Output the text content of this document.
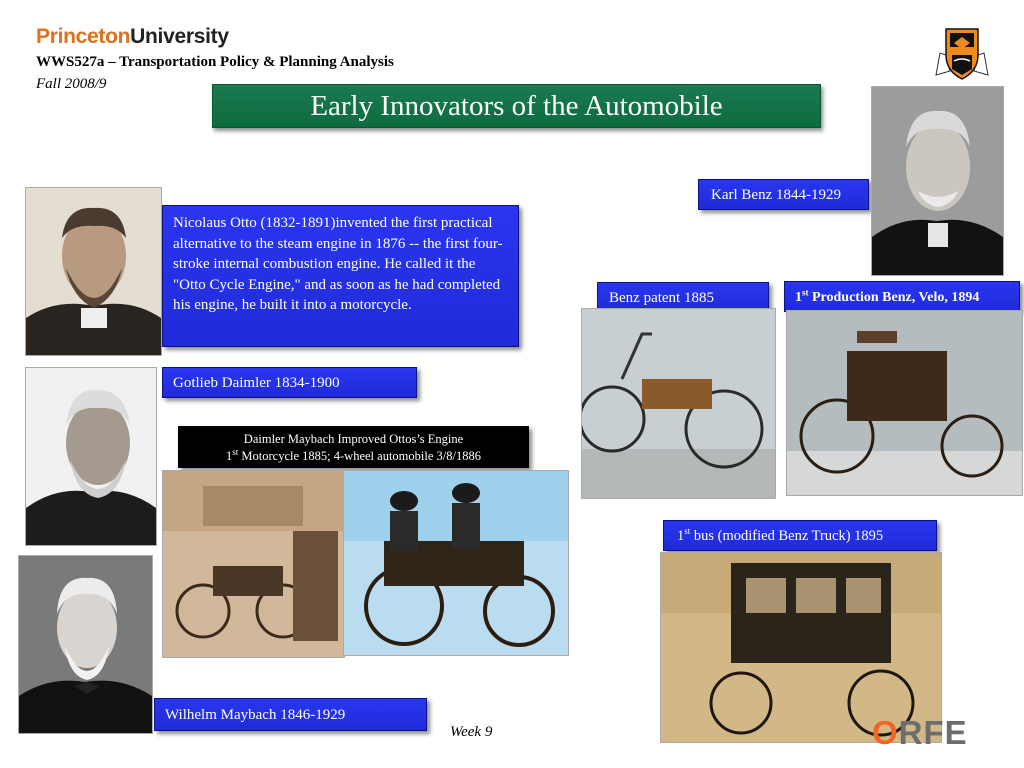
PrincetonUniversity
WWS527a – Transportation Policy & Planning Analysis
Fall 2008/9
Early Innovators of the Automobile
Nicolaus Otto (1832-1891)invented the first practical alternative to the steam engine in 1876 -- the first four-stroke internal combustion engine. He called it the "Otto Cycle Engine," and as soon as he had completed his engine, he built it into a motorcycle.
Gotlieb Daimler 1834-1900
Daimler Maybach Improved Ottos’s Engine
1st Motorcycle 1885; 4-wheel automobile 3/8/1886
Wilhelm Maybach 1846-1929
Karl Benz 1844-1929
Benz patent 1885	1st Production Benz, Velo, 1894
1st bus (modified Benz Truck) 1895
Week 9	ORFE
